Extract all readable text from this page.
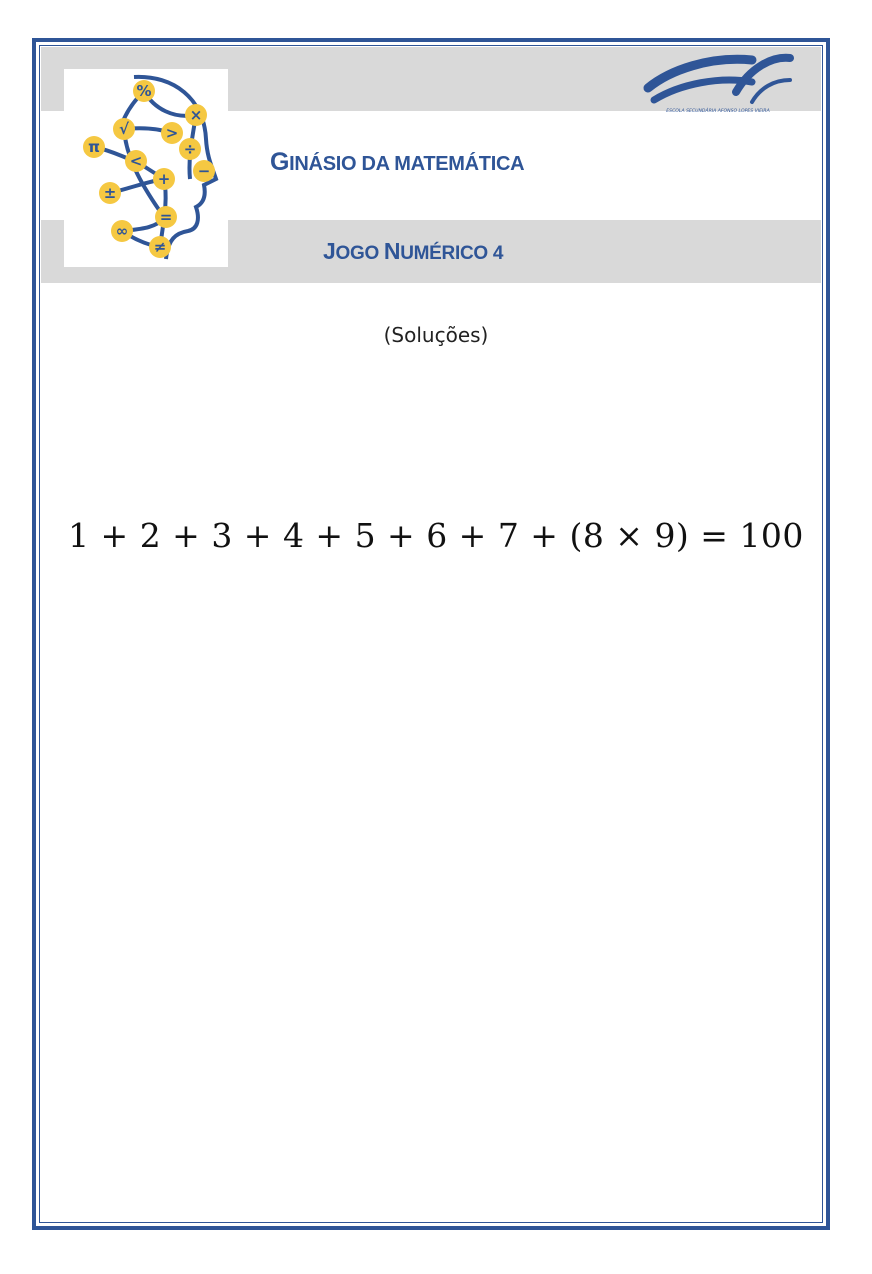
%
×
√ >
π
<
÷
−
+
±
=
∞
≠
ESCOLA SECUNDÁRIA AFONSO LOPES VIEIRA
GINÁSIO DA MATEMÁTICA
JOGO NUMÉRICO 4
(Soluções)
1 + 2 + 3 + 4 + 5 + 6 + 7 + (8 × 9) = 100
